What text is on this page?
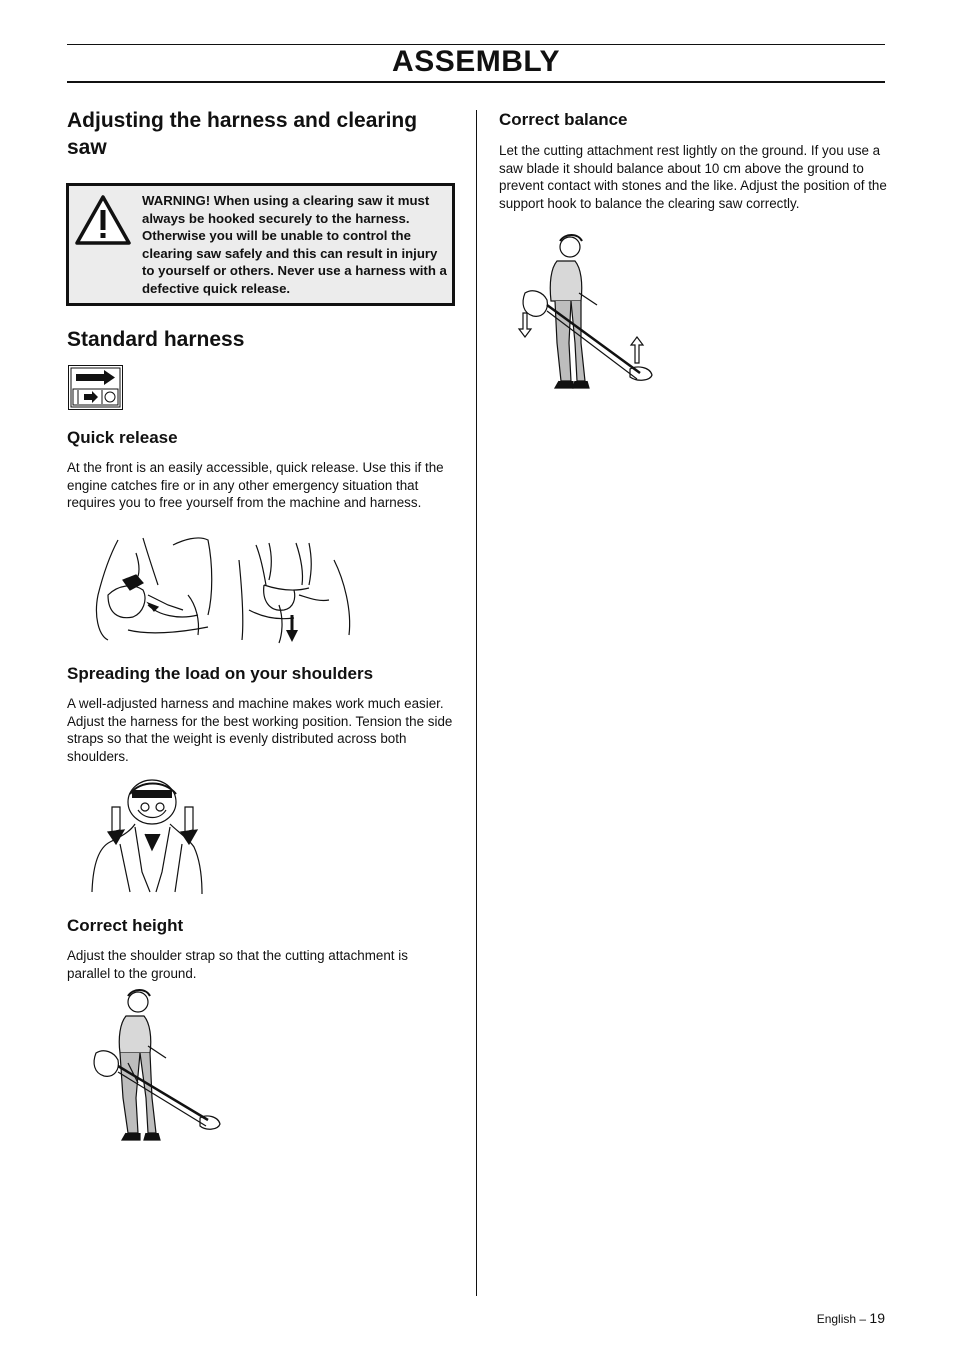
ASSEMBLY
Adjusting the harness and clearing saw
WARNING! When using a clearing saw it must always be hooked securely to the harness. Otherwise you will be unable to control the clearing saw safely and this can result in injury to yourself or others. Never use a harness with a defective quick release.
Standard harness
Quick release

At the front is an easily accessible, quick release. Use this if the engine catches fire or in any other emergency situation that requires you to free yourself from the machine and harness.

Spreading the load on your shoulders

A well-adjusted harness and machine makes work much easier. Adjust the harness for the best working position. Tension the side straps so that the weight is evenly distributed across both shoulders.

Correct height

Adjust the shoulder strap so that the cutting attachment is parallel to the ground.

Correct balance

Let the cutting attachment rest lightly on the ground. If you use a saw blade it should balance about 10 cm above the ground to prevent contact with stones and the like. Adjust the position of the support hook to balance the clearing saw correctly.

English – 19
